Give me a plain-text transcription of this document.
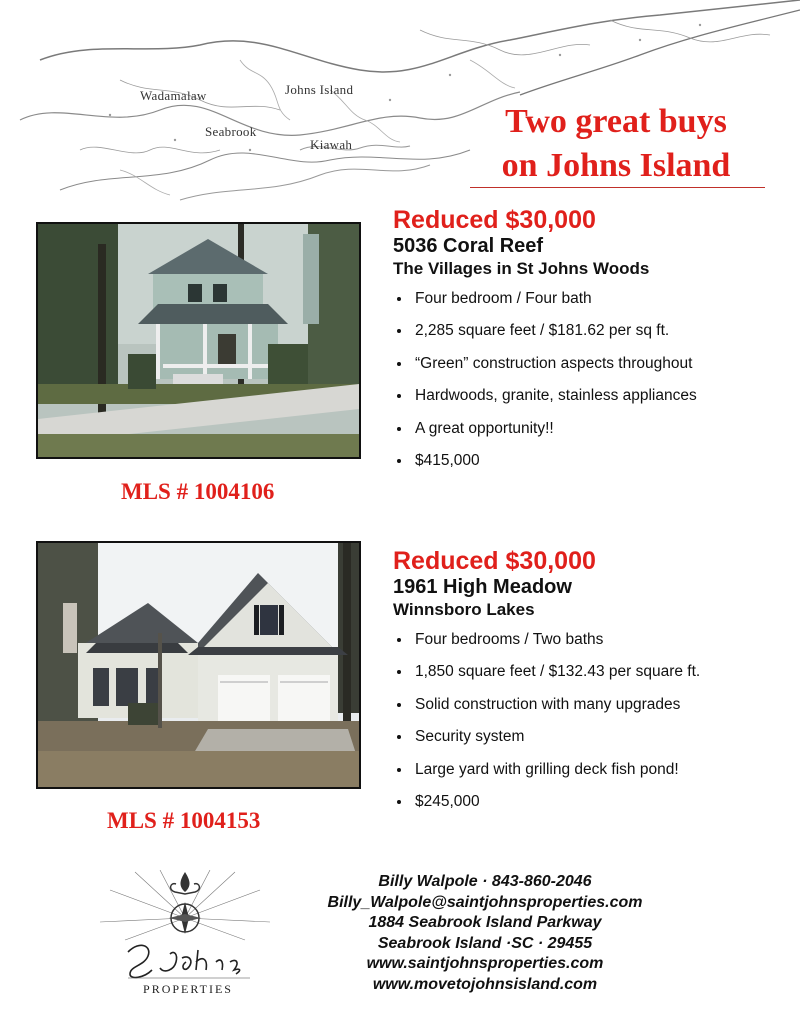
Wadamalaw	Johns Island
Seabrook
Kiawah
Two great buys
on Johns Island
MLS # 1004106

Reduced $30,000

5036 Coral Reef

The Villages in St Johns Woods

Four bedroom / Four bath
2,285 square feet / $181.62 per sq ft.
“Green” construction aspects throughout
Hardwoods, granite, stainless appliances
A great opportunity!!
$415,000
MLS # 1004153

Reduced $30,000

1961 High Meadow

Winnsboro Lakes

Four bedrooms / Two baths
1,850 square feet / $132.43 per square ft.
Solid construction with many upgrades
Security system
Large yard with grilling deck fish pond!
$245,000
PROPERTIES
Billy Walpole · 843-860-2046
Billy_Walpole@saintjohnsproperties.com
1884 Seabrook Island Parkway
Seabrook Island ·SC · 29455
www.saintjohnsproperties.com
www.movetojohnsisland.com
